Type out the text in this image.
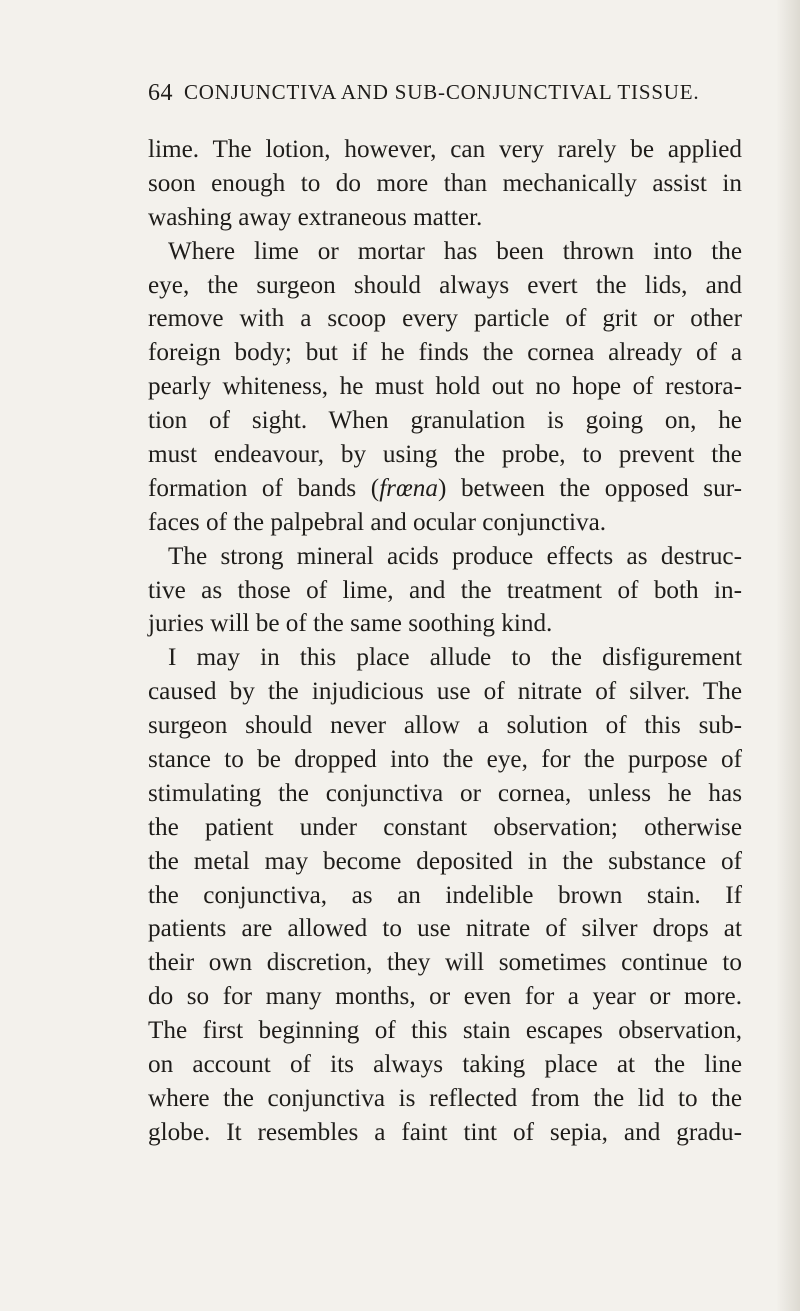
64 CONJUNCTIVA AND SUB-CONJUNCTIVAL TISSUE.
lime. The lotion, however, can very rarely be applied
soon enough to do more than mechanically assist in
washing away extraneous matter.
Where lime or mortar has been thrown into the
eye, the surgeon should always evert the lids, and
remove with a scoop every particle of grit or other
foreign body; but if he finds the cornea already of a
pearly whiteness, he must hold out no hope of restora-
tion of sight. When granulation is going on, he
must endeavour, by using the probe, to prevent the
formation of bands (frœna) between the opposed sur-
faces of the palpebral and ocular conjunctiva.
The strong mineral acids produce effects as destruc-
tive as those of lime, and the treatment of both in-
juries will be of the same soothing kind.
I may in this place allude to the disfigurement
caused by the injudicious use of nitrate of silver. The
surgeon should never allow a solution of this sub-
stance to be dropped into the eye, for the purpose of
stimulating the conjunctiva or cornea, unless he has
the patient under constant observation; otherwise
the metal may become deposited in the substance of
the conjunctiva, as an indelible brown stain. If
patients are allowed to use nitrate of silver drops at
their own discretion, they will sometimes continue to
do so for many months, or even for a year or more.
The first beginning of this stain escapes observation,
on account of its always taking place at the line
where the conjunctiva is reflected from the lid to the
globe. It resembles a faint tint of sepia, and gradu-
